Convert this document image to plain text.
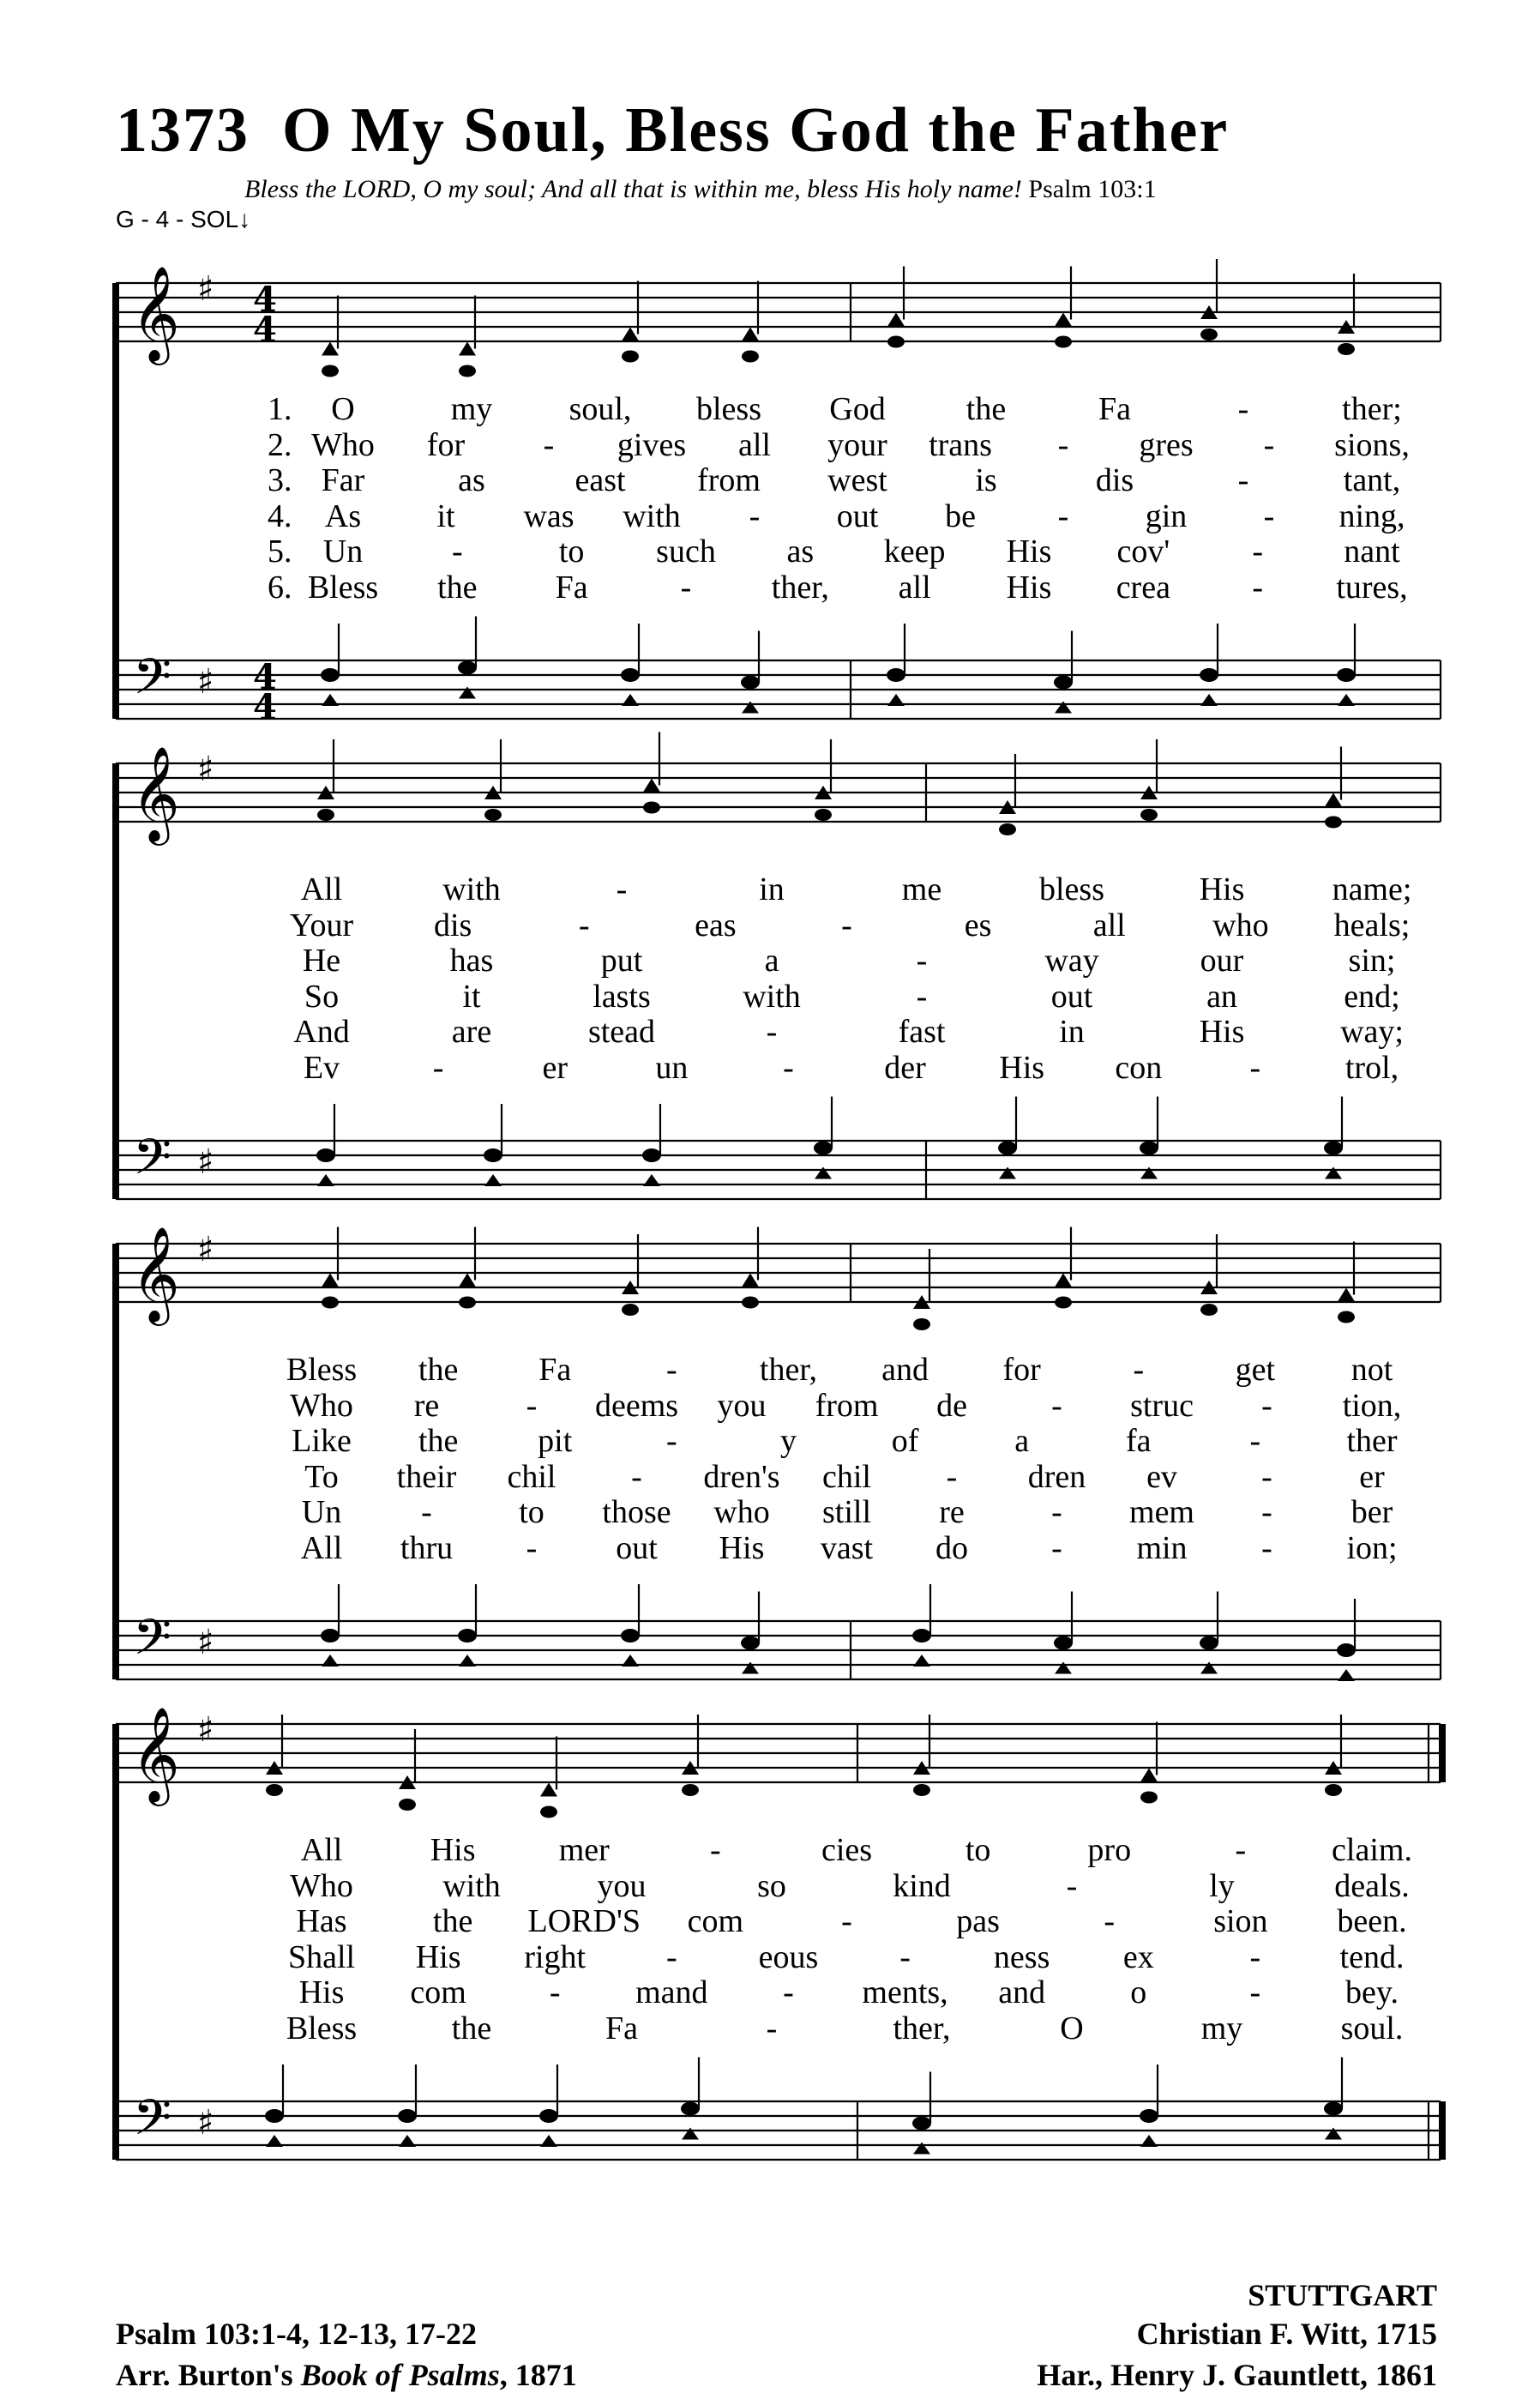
1373 O My Soul, Bless God the Father
Bless the LORD, O my soul; And all that is within me, bless His holy name! Psalm 103:1
G - 4 - SOL↓
𝄞
𝄢
♯
♯
4
4
4
4
𝄞
𝄢
♯
♯
𝄞
𝄢
♯
♯
𝄞
𝄢
♯
♯
1. O	my soul, bless God the	Fa	-	ther;
2. Who for - gives all your trans - gres - sions,
3. Far	as	east from west	is	dis	-	tant,
4. As it was with - out be	- gin - ning,
5. Un	-	to such as keep His cov'	- nant
6. Bless the Fa	- ther, all His crea	- tures,
All	with	-	in	me	bless	His	name;
Your dis	-	eas	-	es	all	who heals;
He	has	put	a	-	way	our	sin;
So	it	lasts	with	-	out	an	end;
And	are	stead	-	fast	in	His	way;
Ev	-	er	un	-	der His con	-	trol,
Bless the Fa	-	ther, and for	-	get not
Who re	- deems you from de	- struc - tion,
Like the pit	-	y	of	a	fa	-	ther
To their chil - dren's chil - dren ev	-	er
Un -	to those who still re	- mem - ber
All thru - out His vast do	- min - ion;
All	His	mer	-	cies	to	pro	-	claim.
Who	with	you	so	kind	-	ly	deals.
Has	the LORD'S com	-	pas	-	sion been.
Shall His right - eous -	ness ex	- tend.
His com	- mand - ments, and	o	-	bey.
Bless	the	Fa	-	ther,	O	my	soul.
STUTTGART
Psalm 103:1-4, 12-13, 17-22
Arr. Burton's Book of Psalms, 1871
Christian F. Witt, 1715
Har., Henry J. Gauntlett, 1861
